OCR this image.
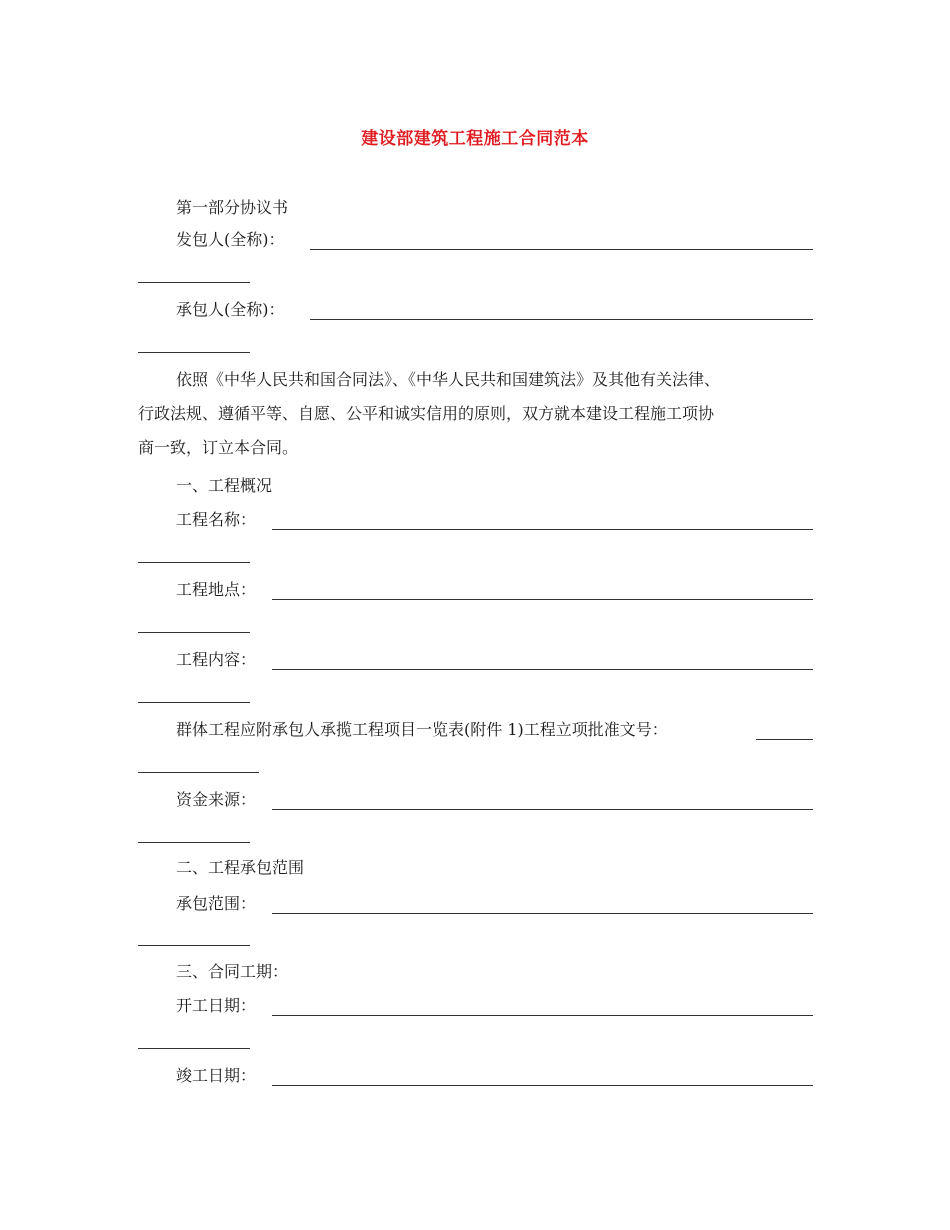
建设部建筑工程施工合同范本
第一部分协议书
发包人(全称)：
承包人(全称)：
依照《中华人民共和国合同法》、《中华人民共和国建筑法》及其他有关法律、
行政法规、遵循平等、自愿、公平和诚实信用的原则，双方就本建设工程施工项协
商一致，订立本合同。
一、工程概况
工程名称：
工程地点：
工程内容：
群体工程应附承包人承揽工程项目一览表(附件 1)工程立项批准文号：
资金来源：
二、工程承包范围
承包范围：
三、合同工期：
开工日期：
竣工日期：
